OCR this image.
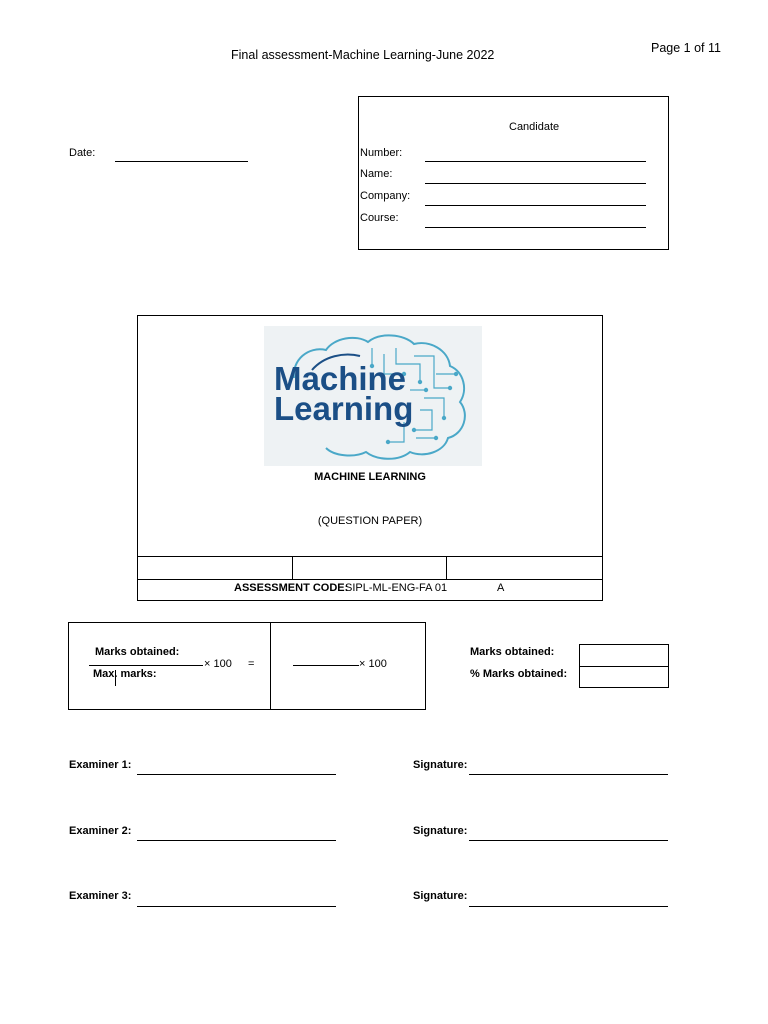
Final assessment-Machine Learning-June 2022	Page 1 of 11
Date:
Candidate
Number:
Name:
Company:
Course:
Machine
Learning
MACHINE LEARNING
(QUESTION PAPER)
ASSESSMENT CODE:
SIPL-ML-ENG-FA 01	A
Marks obtained:
× 100 =
Max. marks:
× 100
Marks obtained:
% Marks obtained:
Examiner 1:	Signature:
Examiner 2:	Signature:
Examiner 3:	Signature:
